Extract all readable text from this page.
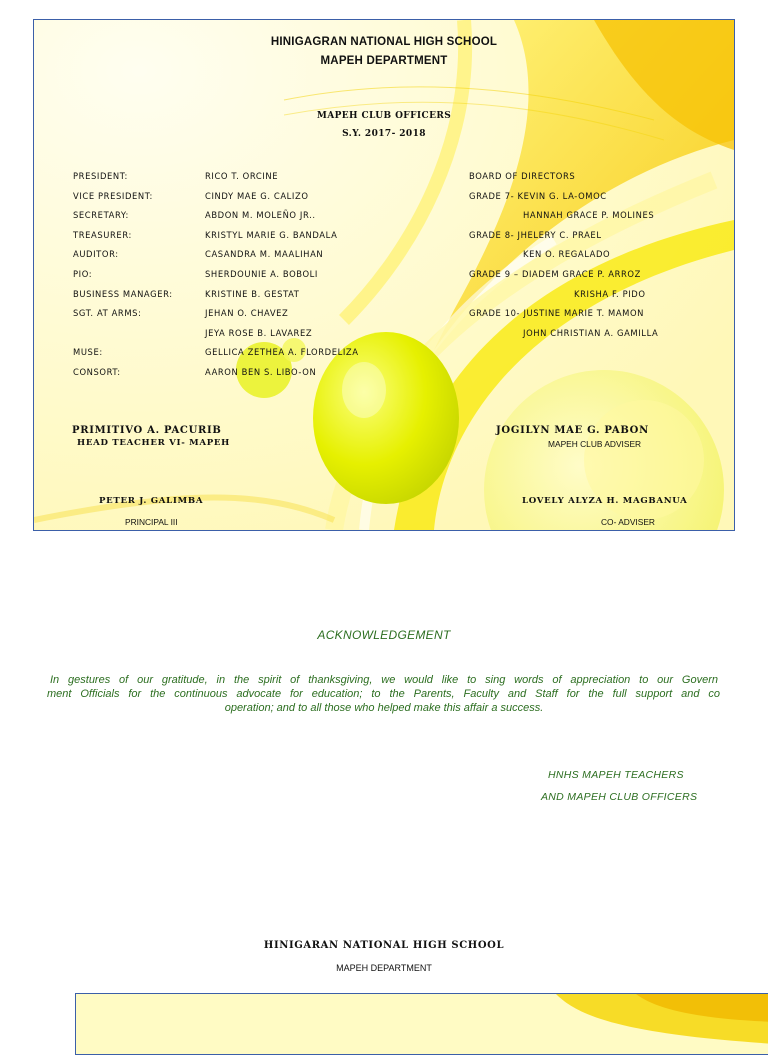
HINIGAGRAN NATIONAL HIGH SCHOOL
MAPEH DEPARTMENT
MAPEH CLUB OFFICERS
S.Y. 2017- 2018
PRESIDENT:
VICE PRESIDENT:
SECRETARY:
TREASURER:
AUDITOR:
PIO:
BUSINESS MANAGER:
SGT. AT ARMS:
MUSE:
CONSORT:
RICO T. ORCINE
CINDY MAE G. CALIZO
ABDON M. MOLEÑO JR..
KRISTYL MARIE G. BANDALA
CASANDRA M. MAALIHAN
SHERDOUNIE A. BOBOLI
KRISTINE B. GESTAT
JEHAN O. CHAVEZ
JEYA ROSE B. LAVAREZ
GELLICA ZETHEA A. FLORDELIZA
AARON BEN S. LIBO-ON
BOARD OF DIRECTORS
GRADE 7- KEVIN G. LA-OMOC
HANNAH GRACE P. MOLINES
GRADE 8- JHELERY C. PRAEL
KEN O. REGALADO
GRADE 9 – DIADEM GRACE P. ARROZ
KRISHA F. PIDO
GRADE 10- JUSTINE MARIE T. MAMON
JOHN CHRISTIAN A. GAMILLA
PRIMITIVO A. PACURIB
HEAD TEACHER VI- MAPEH
JOGILYN MAE G. PABON
MAPEH CLUB ADVISER
PETER J. GALIMBA
PRINCIPAL III
LOVELY ALYZA H. MAGBANUA
CO- ADVISER
ACKNOWLEDGEMENT
In gestures of our gratitude, in the spirit of thanksgiving, we would like to sing words of appreciation to our Govern
ment Officials for the continuous advocate for education; to the Parents, Faculty and Staff for the full support and co
operation; and to all those who helped make this affair a success.
HNHS MAPEH TEACHERS
AND MAPEH CLUB OFFICERS
HINIGARAN NATIONAL HIGH SCHOOL
MAPEH DEPARTMENT
